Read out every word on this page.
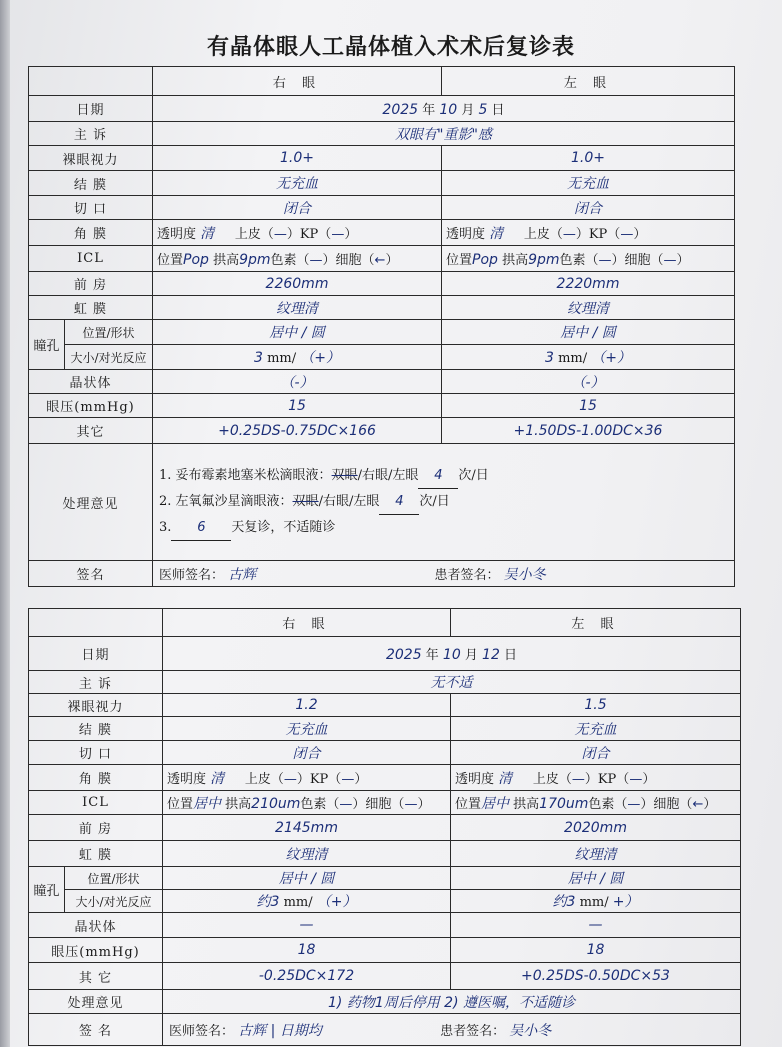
有晶体眼人工晶体植入术术后复诊表
		右 眼	左 眼
日期		2025 年 10 月 5 日	
主 诉		双眼有"重影"感	
裸眼视力		1.0+	1.0+
结 膜		无充血	无充血
切 口		闭合	闭合
角 膜		透明度 清 上皮（—）KP（—）	透明度 清 上皮（—）KP（—）
ICL		位置Pop 拱高9pm色素（—）细胞（←）	位置Pop 拱高9pm色素（—）细胞（—）
前 房		2260mm	2220mm
虹 膜		纹理清	纹理清
瞳孔	位置/形状	居中 / 圆	居中 / 圆
	大小/对光反应	3 mm/ （+）	3 mm/ （+）
晶状体		（-）	（-）
眼压(mmHg)		15	15
其它		+0.25DS-0.75DC×166	+1.50DS-1.00DC×36
处理意见		1. 妥布霉素地塞米松滴眼液：双眼/右眼/左眼 4 次/日
2. 左氧氟沙星滴眼液：双眼/右眼/左眼 4 次/日
3. 6 天复诊，不适随诊	

签名		医师签名： 古辉 患者签名： 吴小冬	
		右 眼	左 眼
日期		2025 年 10 月 12 日	
主 诉		无不适	
裸眼视力		1.2	1.5
结 膜		无充血	无充血
切 口		闭合	闭合
角 膜		透明度 清 上皮（—）KP（—）	透明度 清 上皮（—）KP（—）
ICL		位置居中 拱高210um色素（—）细胞（—）	位置居中 拱高170um色素（—）细胞（←）
前 房		2145mm	2020mm
虹 膜		纹理清	纹理清
瞳孔	位置/形状	居中 / 圆	居中 / 圆
	大小/对光反应	约3 mm/ （+）	约3 mm/ +）
晶状体		—	—
眼压(mmHg)		18	18
其 它		-0.25DC×172	+0.25DS-0.50DC×53
处理意见		1) 药物1周后停用 2) 遵医嘱，不适随诊	
签 名		医师签名： 古辉 | 日期均 患者签名： 吴小冬	
